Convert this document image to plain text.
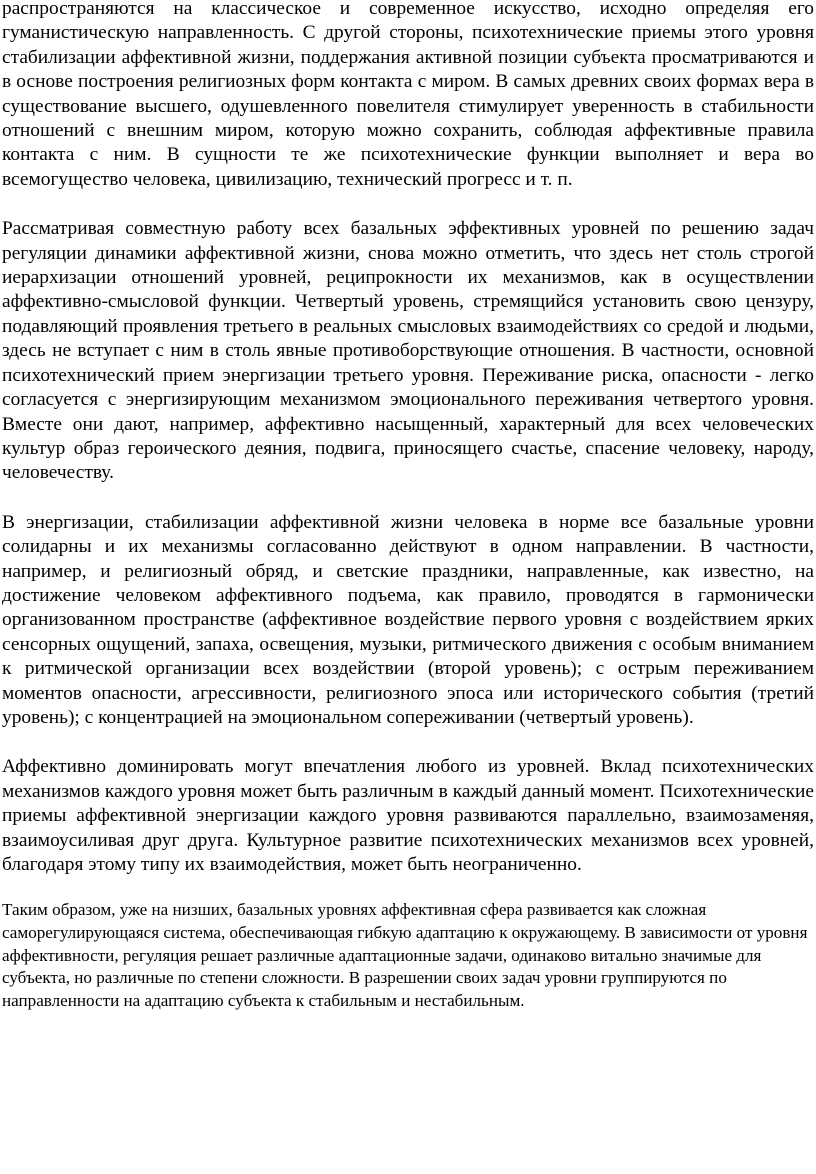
распространяются на классическое и современное искусство, исходно определяя его гуманистическую направленность. С другой стороны, психотехнические приемы этого уровня стабилизации аффективной жизни, поддержания активной позиции субъекта просматриваются и в основе построения религиозных форм контакта с миром. В самых древних своих формах вера в существование высшего, одушевленного повелителя стимулирует уверенность в стабильности отношений с внешним миром, которую можно сохранить, соблюдая аффективные правила контакта с ним. В сущности те же психотехнические функции выполняет и вера во всемогущество человека, цивилизацию, технический прогресс и т. п.

Рассматривая совместную работу всех базальных эффективных уровней по решению задач регуляции динамики аффективной жизни, снова можно отметить, что здесь нет столь строгой иерархизации отношений уровней, реципрокности их механизмов, как в осуществлении аффективно-смысловой функции. Четвертый уровень, стремящийся установить свою цензуру, подавляющий проявления третьего в реальных смысловых взаимодействиях со средой и людьми, здесь не вступает с ним в столь явные противоборствующие отношения. В частности, основной психотехнический прием энергизации третьего уровня. Переживание риска, опасности - легко согласуется с энергизирующим механизмом эмоционального переживания четвертого уровня. Вместе они дают, например, аффективно насыщенный, характерный для всех человеческих культур образ героического деяния, подвига, приносящего счастье, спасение человеку, народу, человечеству.

В энергизации, стабилизации аффективной жизни человека в норме все базальные уровни солидарны и их механизмы согласованно действуют в одном направлении. В частности, например, и религиозный обряд, и светские праздники, направленные, как известно, на достижение человеком аффективного подъема, как правило, проводятся в гармонически организованном пространстве (аффективное воздействие первого уровня с воздействием ярких сенсорных ощущений, запаха, освещения, музыки, ритмического движения с особым вниманием к ритмической организации всех воздействии (второй уровень); с острым переживанием моментов опасности, агрессивности, религиозного эпоса или исторического события (третий уровень); с концентрацией на эмоциональном сопереживании (четвертый уровень).

Аффективно доминировать могут впечатления любого из уровней. Вклад психотехнических механизмов каждого уровня может быть различным в каждый данный момент. Психотехнические приемы аффективной энергизации каждого уровня развиваются параллельно, взаимозаменяя, взаимоусиливая друг друга. Культурное развитие психотехнических механизмов всех уровней, благодаря этому типу их взаимодействия, может быть неограниченно.

Таким образом, уже на низших, базальных уровнях аффективная сфера развивается как сложная саморегулирующаяся система, обеспечивающая гибкую адаптацию к окружающему. В зависимости от уровня аффективности, регуляция решает различные адаптационные задачи, одинаково витально значимые для субъекта, но различные по степени сложности. В разрешении своих задач уровни группируются по направленности на адаптацию субъекта к стабильным и нестабильным.
